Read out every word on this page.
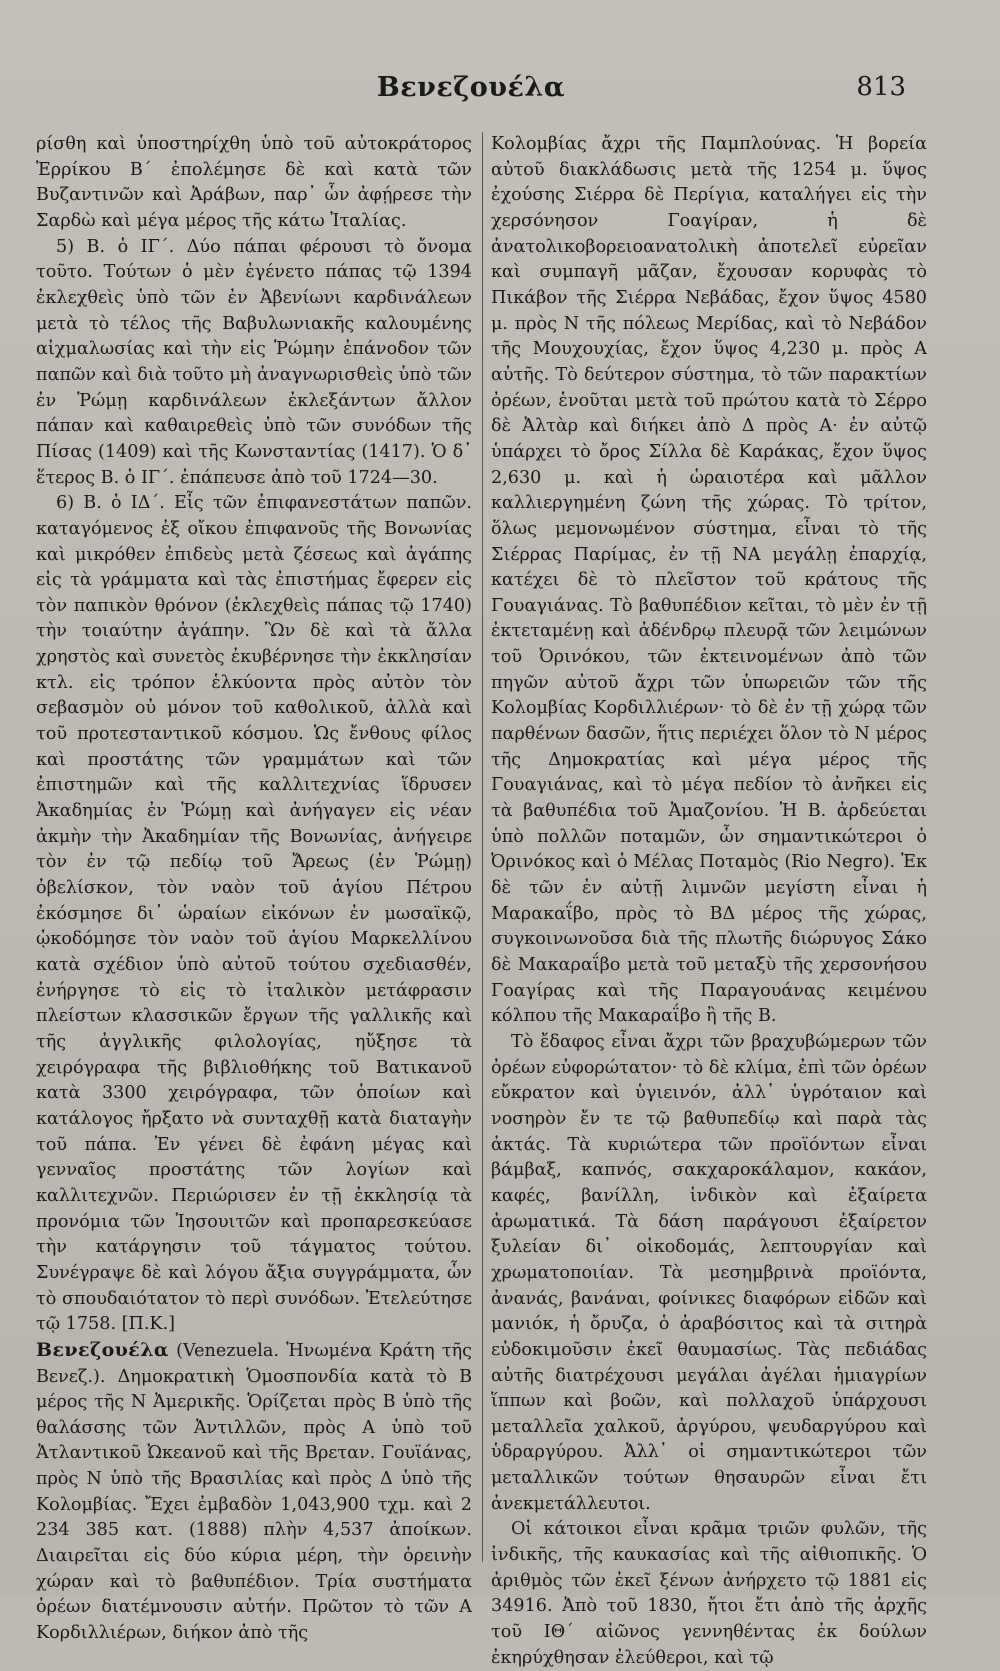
Βενεζουέλα	813

ρίσθη καὶ ὑποστηρίχθη ὑπὸ τοῦ αὐτοκράτορος Ἑρρίκου Β΄ ἐπολέμησε δὲ καὶ κατὰ τῶν Βυζαντινῶν καὶ Ἀράβων, παρ᾽ ὧν ἀφῄρεσε τὴν Σαρδὼ καὶ μέγα μέρος τῆς κάτω Ἰταλίας.

5) Β. ὁ ΙΓ΄. Δύο πάπαι φέρουσι τὸ ὄνομα τοῦτο. Τούτων ὁ μὲν ἐγένετο πάπας τῷ 1394 ἐκλεχθεὶς ὑπὸ τῶν ἐν Ἀβενίωνι καρδινάλεων μετὰ τὸ τέλος τῆς Βαβυλωνιακῆς καλουμένης αἰχμαλωσίας καὶ τὴν εἰς Ῥώμην ἐπάνοδον τῶν παπῶν καὶ διὰ τοῦτο μὴ ἀναγνωρισθεὶς ὑπὸ τῶν ἐν Ῥώμῃ καρδινάλεων ἐκλεξάντων ἄλλον πάπαν καὶ καθαιρεθεὶς ὑπὸ τῶν συνόδων τῆς Πίσας (1409) καὶ τῆς Κωνσταντίας (1417). Ὁ δ᾽ ἕτερος Β. ὁ ΙΓ΄. ἐπάπευσε ἀπὸ τοῦ 1724—30.

6) Β. ὁ ΙΔ΄. Εἷς τῶν ἐπιφανεστάτων παπῶν. καταγόμενος ἐξ οἴκου ἐπιφανοῦς τῆς Βονωνίας καὶ μικρόθεν ἐπιδεὺς μετὰ ζέσεως καὶ ἀγάπης εἰς τὰ γράμματα καὶ τὰς ἐπιστήμας ἔφερεν εἰς τὸν παπικὸν θρόνον (ἐκλεχθεὶς πάπας τῷ 1740) τὴν τοιαύτην ἀγάπην. Ὢν δὲ καὶ τὰ ἄλλα χρηστὸς καὶ συνετὸς ἐκυβέρνησε τὴν ἐκκλησίαν κτλ. εἰς τρόπον ἑλκύοντα πρὸς αὐτὸν τὸν σεβασμὸν οὐ μόνον τοῦ καθολικοῦ, ἀλλὰ καὶ τοῦ προτεσταντικοῦ κόσμου. Ὡς ἔνθους φίλος καὶ προστάτης τῶν γραμμάτων καὶ τῶν ἐπιστημῶν καὶ τῆς καλλιτεχνίας ἵδρυσεν Ἀκαδημίας ἐν Ῥώμῃ καὶ ἀνήγαγεν εἰς νέαν ἀκμὴν τὴν Ἀκαδημίαν τῆς Βονωνίας, ἀνήγειρε τὸν ἐν τῷ πεδίῳ τοῦ Ἄρεως (ἐν Ῥώμῃ) ὀβελίσκον, τὸν ναὸν τοῦ ἁγίου Πέτρου ἐκόσμησε δι᾽ ὡραίων εἰκόνων ἐν μωσαϊκῷ, ᾠκοδόμησε τὸν ναὸν τοῦ ἁγίου Μαρκελλίνου κατὰ σχέδιον ὑπὸ αὐτοῦ τούτου σχεδιασθέν, ἐνήργησε τὸ εἰς τὸ ἰταλικὸν μετάφρασιν πλείστων κλασσικῶν ἔργων τῆς γαλλικῆς καὶ τῆς ἀγγλικῆς φιλολογίας, ηὔξησε τὰ χειρόγραφα τῆς βιβλιοθήκης τοῦ Βατικανοῦ κατὰ 3300 χειρόγραφα, τῶν ὁποίων καὶ κατάλογος ἤρξατο νὰ συνταχθῇ κατὰ διαταγὴν τοῦ πάπα. Ἐν γένει δὲ ἐφάνη μέγας καὶ γενναῖος προστάτης τῶν λογίων καὶ καλλιτεχνῶν. Περιώρισεν ἐν τῇ ἐκκλησίᾳ τὰ προνόμια τῶν Ἰησουιτῶν καὶ προπαρεσκεύασε τὴν κατάργησιν τοῦ τάγματος τούτου. Συνέγραψε δὲ καὶ λόγου ἄξια συγγράμματα, ὧν τὸ σπουδαιότατον τὸ περὶ συνόδων. Ἐτελεύτησε τῷ 1758. [Π.Κ.]

Βενεζουέλα (Venezuela. Ἡνωμένα Κράτη τῆς Βενεζ.). Δημοκρατικὴ Ὁμοσπονδία κατὰ τὸ Β μέρος τῆς Ν Ἀμερικῆς. Ὁρίζεται πρὸς Β ὑπὸ τῆς θαλάσσης τῶν Ἀντιλλῶν, πρὸς Α ὑπὸ τοῦ Ἀτλαντικοῦ Ὠκεανοῦ καὶ τῆς Βρεταν. Γουϊάνας, πρὸς Ν ὑπὸ τῆς Βρασιλίας καὶ πρὸς Δ ὑπὸ τῆς Κολομβίας. Ἔχει ἐμβαδὸν 1,043,900 τχμ. καὶ 2 234 385 κατ. (1888) πλὴν 4,537 ἀποίκων. Διαιρεῖται εἰς δύο κύρια μέρη, τὴν ὀρεινὴν χώραν καὶ τὸ βαθυπέδιον. Τρία συστήματα ὀρέων διατέμνουσιν αὐτήν. Πρῶτον τὸ τῶν Α Κορδιλλιέρων, διήκον ἀπὸ τῆς

Κολομβίας ἄχρι τῆς Παμπλούνας. Ἡ βορεία αὐτοῦ διακλάδωσις μετὰ τῆς 1254 μ. ὕψος ἐχούσης Σιέρρα δὲ Περίγια, καταλήγει εἰς τὴν χερσόνησον Γοαγίραν, ἡ δὲ ἀνατολικοβορειοανατολικὴ ἀποτελεῖ εὐρεῖαν καὶ συμπαγῆ μᾶζαν, ἔχουσαν κορυφὰς τὸ Πικάβον τῆς Σιέρρα Νεβάδας, ἔχον ὕψος 4580 μ. πρὸς Ν τῆς πόλεως Μερίδας, καὶ τὸ Νεβάδον τῆς Μουχουχίας, ἔχον ὕψος 4,230 μ. πρὸς Α αὐτῆς. Τὸ δεύτερον σύστημα, τὸ τῶν παρακτίων ὀρέων, ἑνοῦται μετὰ τοῦ πρώτου κατὰ τὸ Σέρρο δὲ Ἀλτὰρ καὶ διήκει ἀπὸ Δ πρὸς Α· ἐν αὐτῷ ὑπάρχει τὸ ὄρος Σίλλα δὲ Καράκας, ἔχον ὕψος 2,630 μ. καὶ ἡ ὡραιοτέρα καὶ μᾶλλον καλλιεργημένη ζώνη τῆς χώρας. Τὸ τρίτον, ὅλως μεμονωμένον σύστημα, εἶναι τὸ τῆς Σιέρρας Παρίμας, ἐν τῇ ΝΑ μεγάλῃ ἐπαρχίᾳ, κατέχει δὲ τὸ πλεῖστον τοῦ κράτους τῆς Γουαγιάνας. Τὸ βαθυπέδιον κεῖται, τὸ μὲν ἐν τῇ ἐκτεταμένῃ καὶ ἀδένδρῳ πλευρᾷ τῶν λειμώνων τοῦ Ὀρινόκου, τῶν ἐκτεινομένων ἀπὸ τῶν πηγῶν αὐτοῦ ἄχρι τῶν ὑπωρειῶν τῶν τῆς Κολομβίας Κορδιλλιέρων· τὸ δὲ ἐν τῇ χώρᾳ τῶν παρθένων δασῶν, ἥτις περιέχει ὅλον τὸ Ν μέρος τῆς Δημοκρατίας καὶ μέγα μέρος τῆς Γουαγιάνας, καὶ τὸ μέγα πεδίον τὸ ἀνῆκει εἰς τὰ βαθυπέδια τοῦ Ἀμαζονίου. Ἡ Β. ἀρδεύεται ὑπὸ πολλῶν ποταμῶν, ὧν σημαντικώτεροι ὁ Ὀρινόκος καὶ ὁ Μέλας Ποταμὸς (Rio Negro). Ἐκ δὲ τῶν ἐν αὐτῇ λιμνῶν μεγίστη εἶναι ἡ Μαρακαΐβο, πρὸς τὸ ΒΔ μέρος τῆς χώρας, συγκοινωνοῦσα διὰ τῆς πλωτῆς διώρυγος Σάκο δὲ Μακαραΐβο μετὰ τοῦ μεταξὺ τῆς χερσονήσου Γοαγίρας καὶ τῆς Παραγουάνας κειμένου κόλπου τῆς Μακαραΐβο ἢ τῆς Β.

Τὸ ἔδαφος εἶναι ἄχρι τῶν βραχυβώμερων τῶν ὀρέων εὐφορώτατον· τὸ δὲ κλίμα, ἐπὶ τῶν ὀρέων εὔκρατον καὶ ὑγιεινόν, ἀλλ᾽ ὑγρόταιον καὶ νοσηρὸν ἔν τε τῷ βαθυπεδίῳ καὶ παρὰ τὰς ἀκτάς. Τὰ κυριώτερα τῶν προϊόντων εἶναι βάμβαξ, καπνός, σακχαροκάλαμον, κακάον, καφές, βανίλλη, ἰνδικὸν καὶ ἐξαίρετα ἀρωματικά. Τὰ δάση παράγουσι ἐξαίρετον ξυλείαν δι᾽ οἰκοδομάς, λεπτουργίαν καὶ χρωματοποιίαν. Τὰ μεσημβρινὰ προϊόντα, ἀνανάς, βανάναι, φοίνικες διαφόρων εἰδῶν καὶ μανιόκ, ἡ ὄρυζα, ὁ ἀραβόσιτος καὶ τὰ σιτηρὰ εὐδοκιμοῦσιν ἐκεῖ θαυμασίως. Τὰς πεδιάδας αὐτῆς διατρέχουσι μεγάλαι ἀγέλαι ἡμιαγρίων ἵππων καὶ βοῶν, καὶ πολλαχοῦ ὑπάρχουσι μεταλλεῖα χαλκοῦ, ἀργύρου, ψευδαργύρου καὶ ὑδραργύρου. Ἀλλ᾽ οἱ σημαντικώτεροι τῶν μεταλλικῶν τούτων θησαυρῶν εἶναι ἔτι ἀνεκμετάλλευτοι.

Οἱ κάτοικοι εἶναι κρᾶμα τριῶν φυλῶν, τῆς ἰνδικῆς, τῆς καυκασίας καὶ τῆς αἰθιοπικῆς. Ὁ ἀριθμὸς τῶν ἐκεῖ ξένων ἀνήρχετο τῷ 1881 εἰς 34916. Ἀπὸ τοῦ 1830, ἤτοι ἔτι ἀπὸ τῆς ἀρχῆς τοῦ ΙΘ΄ αἰῶνος γεννηθέντας ἐκ δούλων ἐκηρύχθησαν ἐλεύθεροι, καὶ τῷ
